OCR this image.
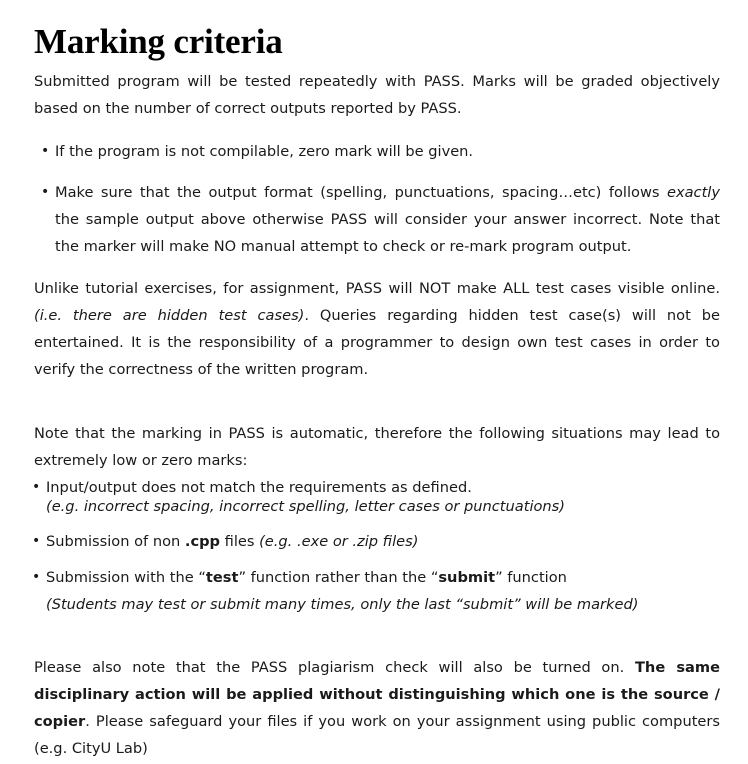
Marking criteria

Submitted program will be tested repeatedly with PASS. Marks will be graded objectively based on the number of correct outputs reported by PASS.

• If the program is not compilable, zero mark will be given.

• Make sure that the output format (spelling, punctuations, spacing…etc) follows exactly the sample output above otherwise PASS will consider your answer incorrect. Note that the marker will make NO manual attempt to check or re-mark program output.

Unlike tutorial exercises, for assignment, PASS will NOT make ALL test cases visible online. (i.e. there are hidden test cases). Queries regarding hidden test case(s) will not be entertained. It is the responsibility of a programmer to design own test cases in order to verify the correctness of the written program.

Note that the marking in PASS is automatic, therefore the following situations may lead to extremely low or zero marks:

• Input/output does not match the requirements as defined.
(e.g. incorrect spacing, incorrect spelling, letter cases or punctuations)

• Submission of non .cpp files (e.g. .exe or .zip files)

• Submission with the “test” function rather than the “submit” function
(Students may test or submit many times, only the last “submit” will be marked)

Please also note that the PASS plagiarism check will also be turned on. The same disciplinary action will be applied without distinguishing which one is the source / copier. Please safeguard your files if you work on your assignment using public computers (e.g. CityU Lab)
